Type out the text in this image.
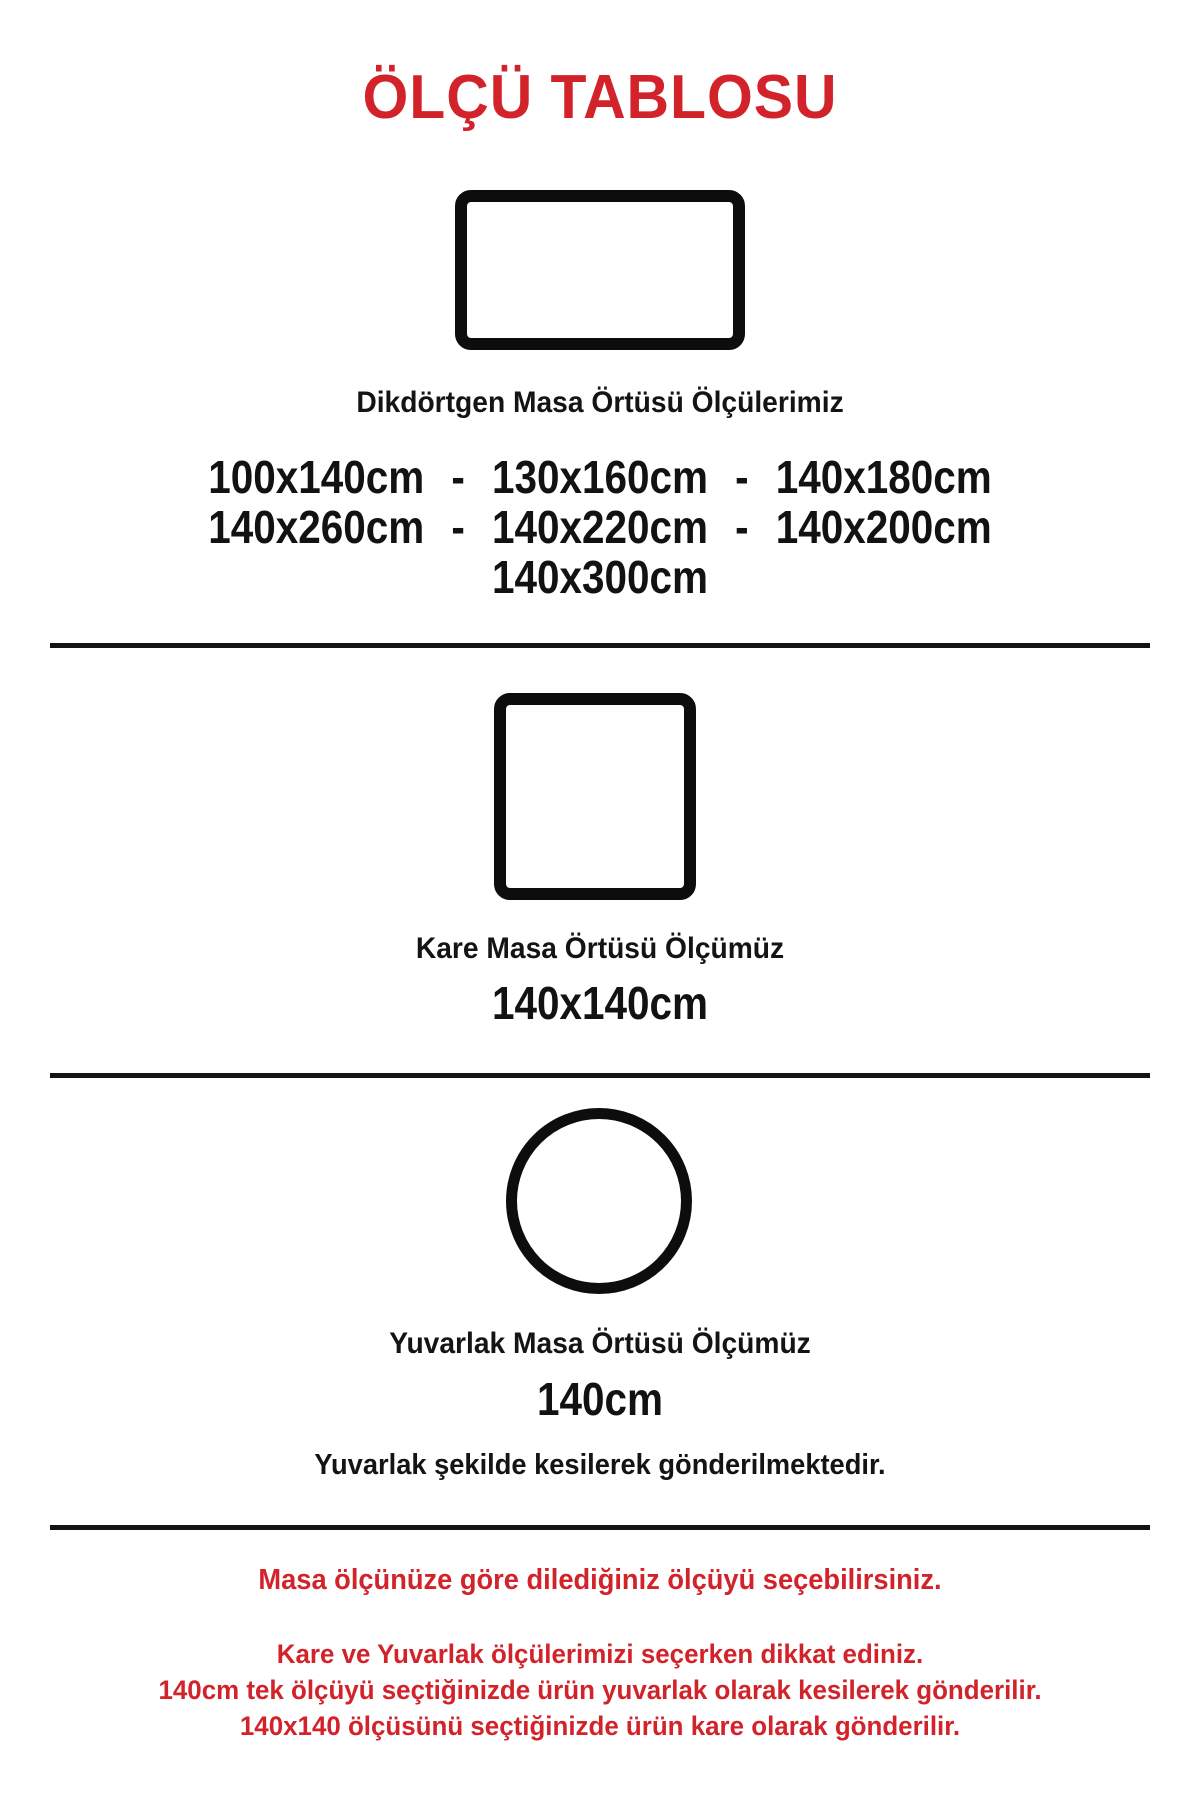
ÖLÇÜ TABLOSU
Dikdörtgen Masa Örtüsü Ölçülerimiz
100x140cm - 130x160cm - 140x180cm
140x260cm - 140x220cm - 140x200cm
140x300cm
Kare Masa Örtüsü Ölçümüz
140x140cm
Yuvarlak Masa Örtüsü Ölçümüz
140cm
Yuvarlak şekilde kesilerek gönderilmektedir.
Masa ölçünüze göre dilediğiniz ölçüyü seçebilirsiniz.
Kare ve Yuvarlak ölçülerimizi seçerken dikkat ediniz.
140cm tek ölçüyü seçtiğinizde ürün yuvarlak olarak kesilerek gönderilir.
140x140 ölçüsünü seçtiğinizde ürün kare olarak gönderilir.
